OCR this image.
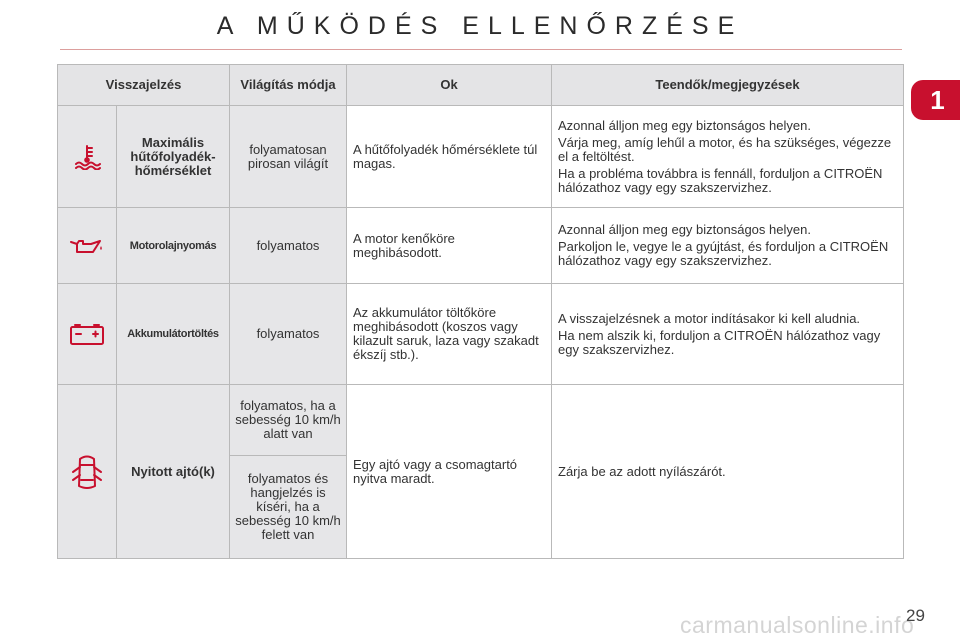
A MŰKÖDÉS ELLENŐRZÉSE
1
Visszajelzés		Világítás módja	Ok	Teendők/megjegyzések

	Maximális hűtőfolyadék-hőmérséklet	folyamatosan pirosan világít	A hűtőfolyadék hőmérséklete túl magas.	Azonnal álljon meg egy biztonságos helyen.

Várja meg, amíg lehűl a motor, és ha szükséges, végezze el a feltöltést.

Ha a probléma továbbra is fennáll, forduljon a CITROËN hálózathoz vagy egy szakszervizhez.

	Motorolajnyomás	folyamatos	A motor kenőköre meghibásodott.	Azonnal álljon meg egy biztonságos helyen.

Parkoljon le, vegye le a gyújtást, és forduljon a CITROËN hálózathoz vagy egy szakszervizhez.

	Akkumulátortöltés	folyamatos	Az akkumulátor töltőköre meghibásodott (koszos vagy kilazult saruk, laza vagy szakadt ékszíj stb.).	A visszajelzésnek a motor indításakor ki kell aludnia.

Ha nem alszik ki, forduljon a CITROËN hálózathoz vagy egy szakszervizhez.

	Nyitott ajtó(k)	folyamatos, ha a sebesség 10 km/h alatt van	Egy ajtó vagy a csomagtartó nyitva maradt.	Zárja be az adott nyílászárót.
		folyamatos és hangjelzés is kíséri, ha a sebesség 10 km/h felett van		
carmanualsonline.info
29
